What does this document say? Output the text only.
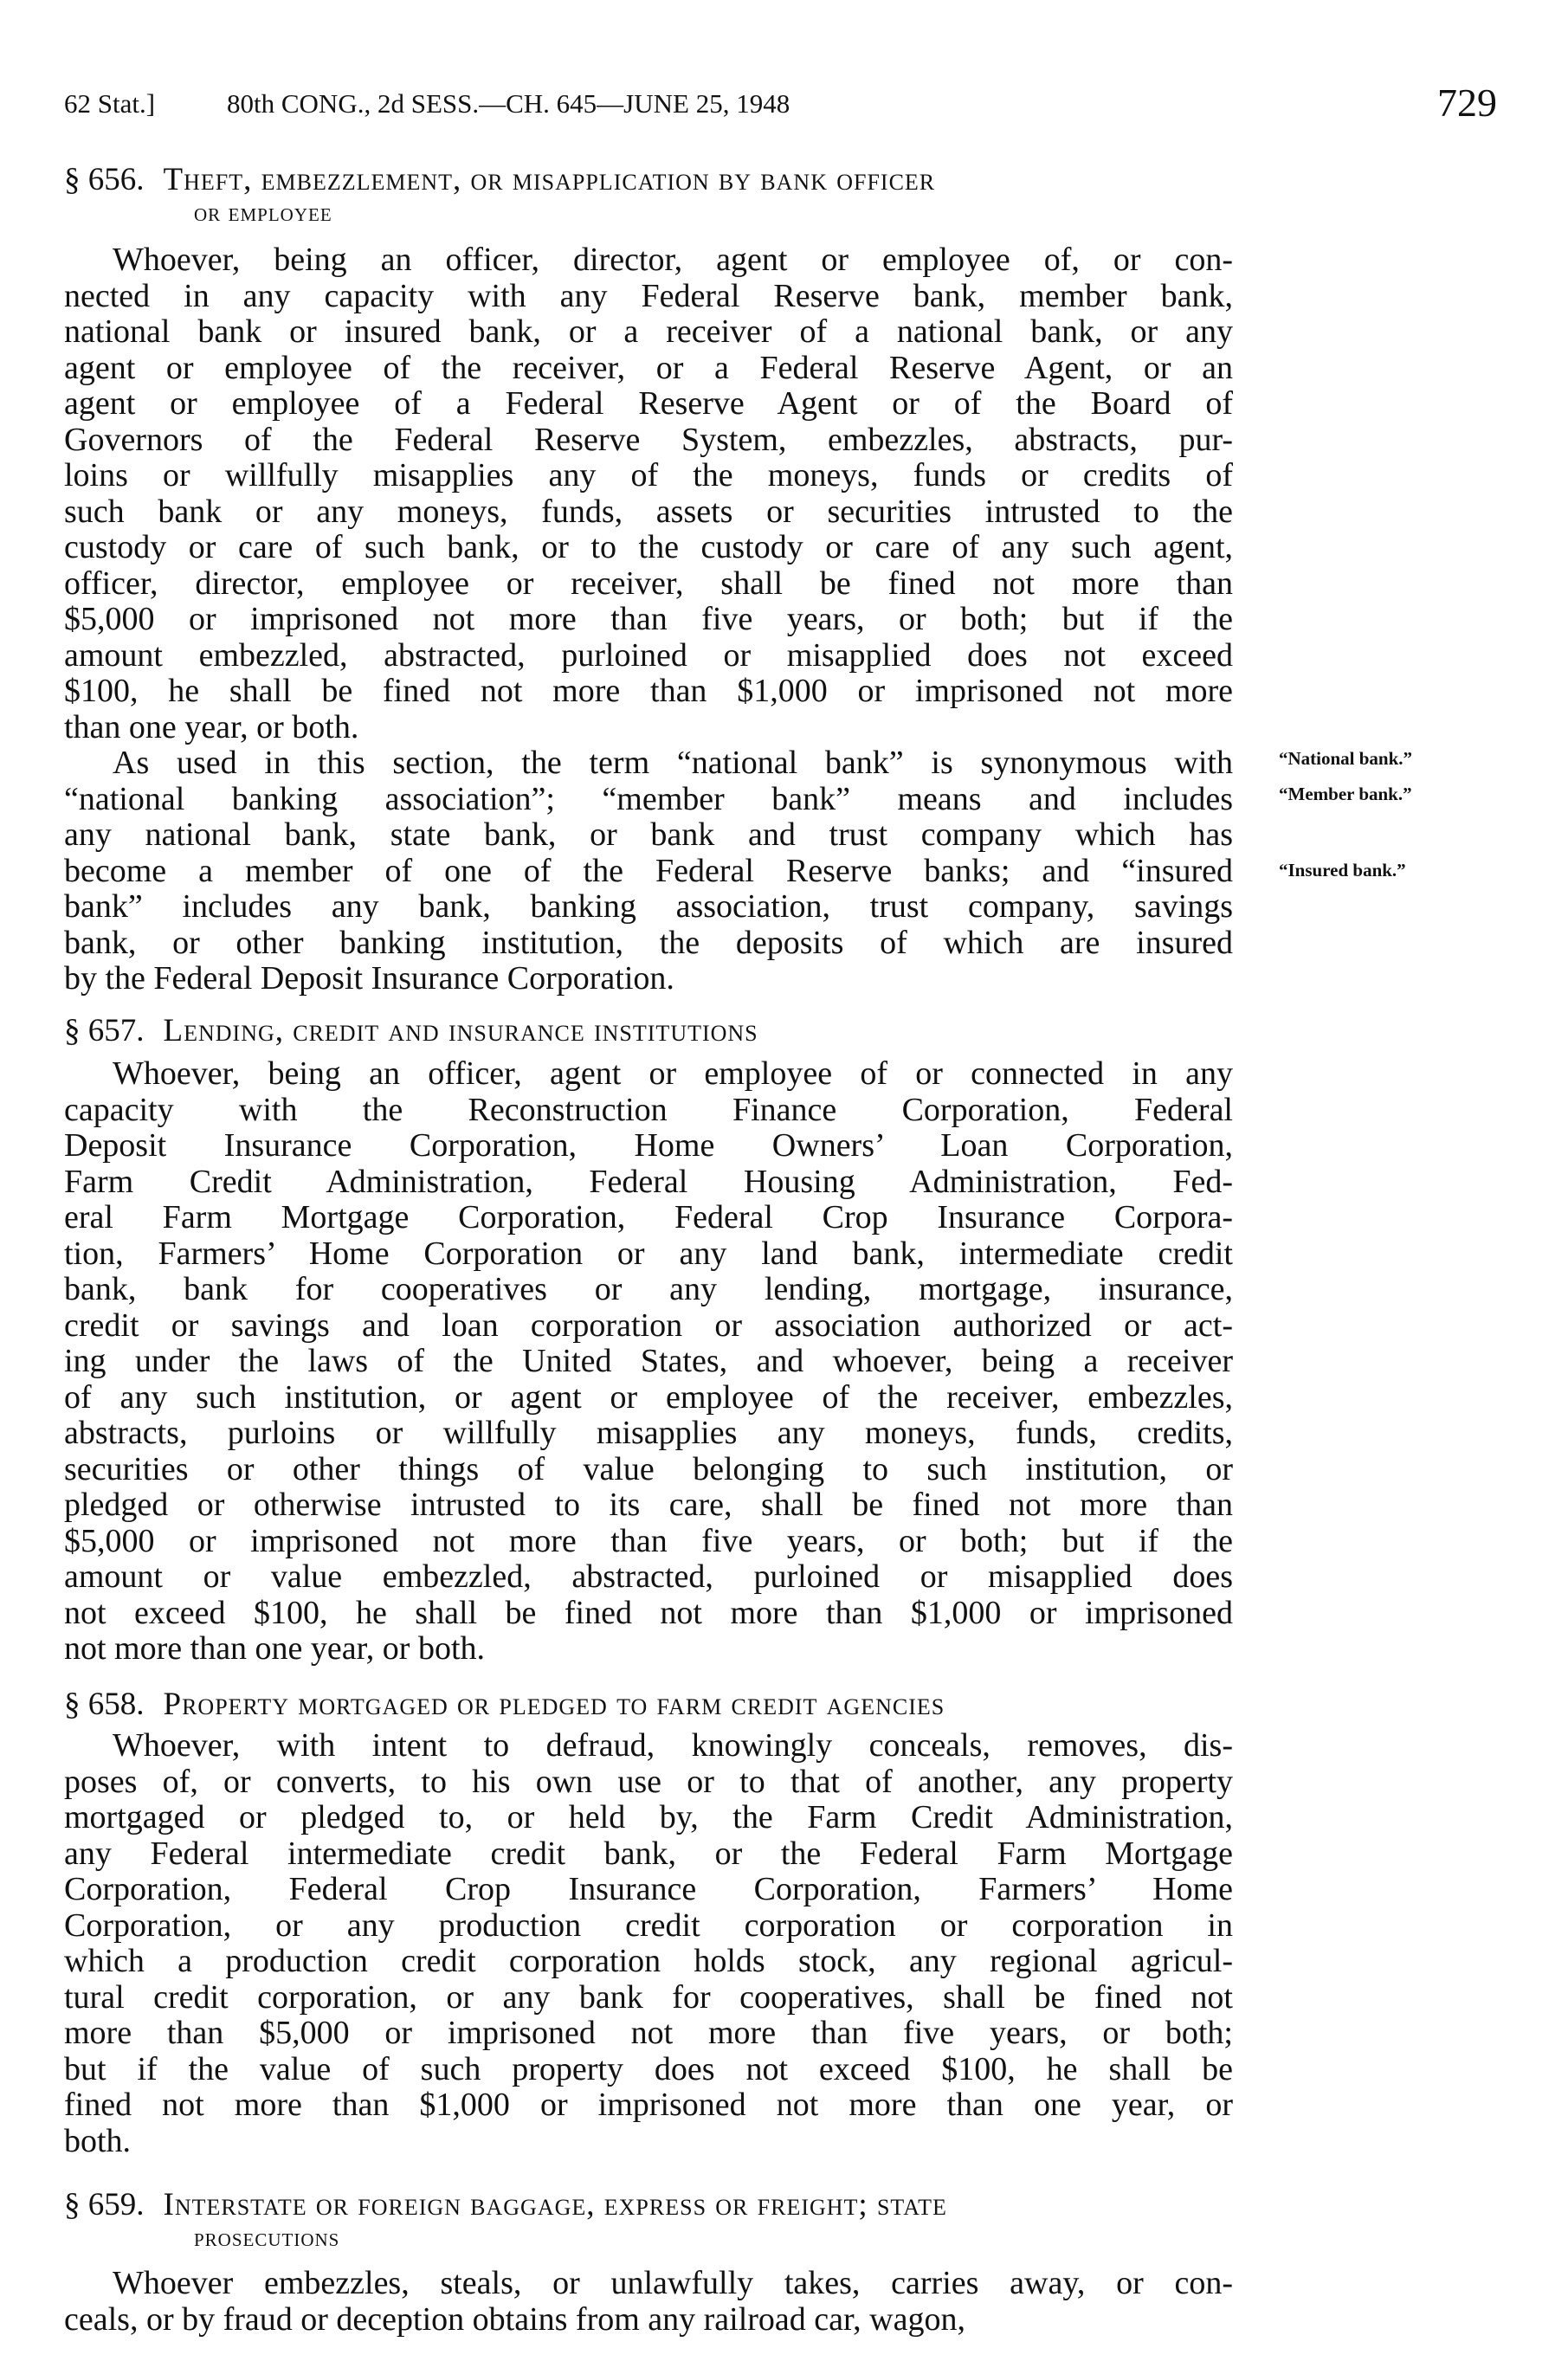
62 Stat.]	80th CONG., 2d SESS.—CH. 645—JUNE 25, 1948	729
§ 656. Theft, embezzlement, or misapplication by bank officer
or employee
Whoever, being an officer, director, agent or employee of, or con-
nected in any capacity with any Federal Reserve bank, member bank,
national bank or insured bank, or a receiver of a national bank, or any
agent or employee of the receiver, or a Federal Reserve Agent, or an
agent or employee of a Federal Reserve Agent or of the Board of
Governors of the Federal Reserve System, embezzles, abstracts, pur-
loins or willfully misapplies any of the moneys, funds or credits of
such bank or any moneys, funds, assets or securities intrusted to the
custody or care of such bank, or to the custody or care of any such agent,
officer, director, employee or receiver, shall be fined not more than
$5,000 or imprisoned not more than five years, or both; but if the
amount embezzled, abstracted, purloined or misapplied does not exceed
$100, he shall be fined not more than $1,000 or imprisoned not more
than one year, or both.
As used in this section, the term “national bank” is synonymous with
“national banking association”; “member bank” means and includes
any national bank, state bank, or bank and trust company which has
become a member of one of the Federal Reserve banks; and “insured
bank” includes any bank, banking association, trust company, savings
bank, or other banking institution, the deposits of which are insured
by the Federal Deposit Insurance Corporation.
§ 657. Lending, credit and insurance institutions
Whoever, being an officer, agent or employee of or connected in any
capacity with the Reconstruction Finance Corporation, Federal
Deposit Insurance Corporation, Home Owners’ Loan Corporation,
Farm Credit Administration, Federal Housing Administration, Fed-
eral Farm Mortgage Corporation, Federal Crop Insurance Corpora-
tion, Farmers’ Home Corporation or any land bank, intermediate credit
bank, bank for cooperatives or any lending, mortgage, insurance,
credit or savings and loan corporation or association authorized or act-
ing under the laws of the United States, and whoever, being a receiver
of any such institution, or agent or employee of the receiver, embezzles,
abstracts, purloins or willfully misapplies any moneys, funds, credits,
securities or other things of value belonging to such institution, or
pledged or otherwise intrusted to its care, shall be fined not more than
$5,000 or imprisoned not more than five years, or both; but if the
amount or value embezzled, abstracted, purloined or misapplied does
not exceed $100, he shall be fined not more than $1,000 or imprisoned
not more than one year, or both.
§ 658. Property mortgaged or pledged to farm credit agencies
Whoever, with intent to defraud, knowingly conceals, removes, dis-
poses of, or converts, to his own use or to that of another, any property
mortgaged or pledged to, or held by, the Farm Credit Administration,
any Federal intermediate credit bank, or the Federal Farm Mortgage
Corporation, Federal Crop Insurance Corporation, Farmers’ Home
Corporation, or any production credit corporation or corporation in
which a production credit corporation holds stock, any regional agricul-
tural credit corporation, or any bank for cooperatives, shall be fined not
more than $5,000 or imprisoned not more than five years, or both;
but if the value of such property does not exceed $100, he shall be
fined not more than $1,000 or imprisoned not more than one year, or
both.
§ 659. Interstate or foreign baggage, express or freight; state
prosecutions
Whoever embezzles, steals, or unlawfully takes, carries away, or con-
ceals, or by fraud or deception obtains from any railroad car, wagon,
“National bank.”
“Member bank.”
“Insured bank.”
